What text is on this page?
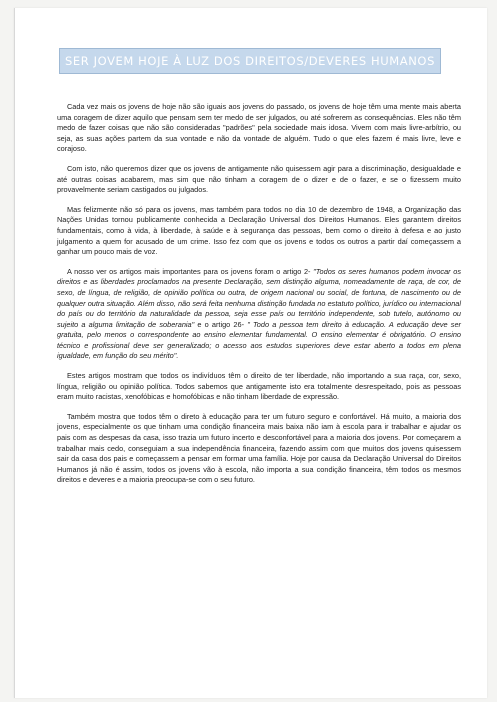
SER JOVEM HOJE À LUZ DOS DIREITOS/DEVERES HUMANOS

Cada vez mais os jovens de hoje não são iguais aos jovens do passado, os jovens de hoje têm uma mente mais aberta uma coragem de dizer aquilo que pensam sem ter medo de ser julgados, ou até sofrerem as consequências. Eles não têm medo de fazer coisas que não são consideradas "padrões" pela sociedade mais idosa. Vivem com mais livre-arbítrio, ou seja, as suas ações partem da sua vontade e não da vontade de alguém. Tudo o que eles fazem é mais livre, leve e corajoso.

Com isto, não queremos dizer que os jovens de antigamente não quisessem agir para a discriminação, desigualdade e até outras coisas acabarem, mas sim que não tinham a coragem de o dizer e de o fazer, e se o fizessem muito provavelmente seriam castigados ou julgados.

Mas felizmente não só para os jovens, mas também para todos no dia 10 de dezembro de 1948, a Organização das Nações Unidas tornou publicamente conhecida a Declaração Universal dos Direitos Humanos. Eles garantem direitos fundamentais, como à vida, à liberdade, à saúde e à segurança das pessoas, bem como o direito à defesa e ao justo julgamento a quem for acusado de um crime. Isso fez com que os jovens e todos os outros a partir daí começassem a ganhar um pouco mais de voz.

A nosso ver os artigos mais importantes para os jovens foram o artigo 2- "Todos os seres humanos podem invocar os direitos e as liberdades proclamados na presente Declaração, sem distinção alguma, nomeadamente de raça, de cor, de sexo, de língua, de religião, de opinião política ou outra, de origem nacional ou social, de fortuna, de nascimento ou de qualquer outra situação. Além disso, não será feita nenhuma distinção fundada no estatuto político, jurídico ou internacional do país ou do território da naturalidade da pessoa, seja esse país ou território independente, sob tutelo, autónomo ou sujeito a alguma limitação de soberania" e o artigo 26- " Todo a pessoa tem direito à educação. A educação deve ser gratuita, pelo menos o correspondente ao ensino elementar fundamental. O ensino elementar é obrigatório. O ensino técnico e profissional deve ser generalizado; o acesso aos estudos superiores deve estar aberto a todos em plena igualdade, em função do seu mérito".

Estes artigos mostram que todos os indivíduos têm o direito de ter liberdade, não importando a sua raça, cor, sexo, língua, religião ou opinião política. Todos sabemos que antigamente isto era totalmente desrespeitado, pois as pessoas eram muito racistas, xenofóbicas e homofóbicas e não tinham liberdade de expressão.

Também mostra que todos têm o direto à educação para ter um futuro seguro e confortável. Há muito, a maioria dos jovens, especialmente os que tinham uma condição financeira mais baixa não iam à escola para ir trabalhar e ajudar os pais com as despesas da casa, isso trazia um futuro incerto e desconfortável para a maioria dos jovens. Por começarem a trabalhar mais cedo, conseguiam a sua independência financeira, fazendo assim com que muitos dos jovens quisessem sair da casa dos pais e começassem a pensar em formar uma família. Hoje por causa da Declaração Universal do Direitos Humanos já não é assim, todos os jovens vão à escola, não importa a sua condição financeira, têm todos os mesmos direitos e deveres e a maioria preocupa-se com o seu futuro.
